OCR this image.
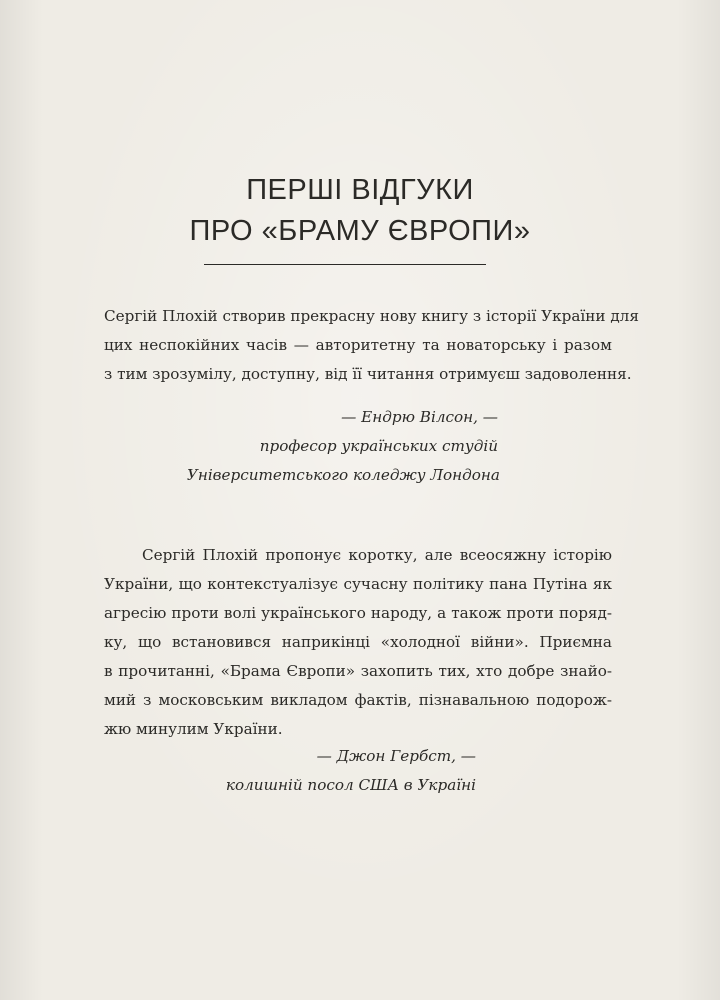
ПЕРШІ ВІДГУКИ
ПРО «БРАМУ ЄВРОПИ»

Сергій Плохій створив прекрасну нову книгу з історії України для
цих неспокійних часів — авторитетну та новаторську і разом
з тим зрозумілу, доступну, від її читання отримуєш задоволення.

— Ендрю Вілсон, —
професор українських студій
Університетського коледжу Лондона

Сергій Плохій пропонує коротку, але всеосяжну історію
України, що контекстуалізує сучасну політику пана Путіна як
агресію проти волі українського народу, а також проти поряд-
ку, що встановився наприкінці «холодної війни». Приємна
в прочитанні, «Брама Європи» захопить тих, хто добре знайо-
мий з московським викладом фактів, пізнавальною подорож-
жю минулим України.

— Джон Гербст, —
колишній посол США в Україні
